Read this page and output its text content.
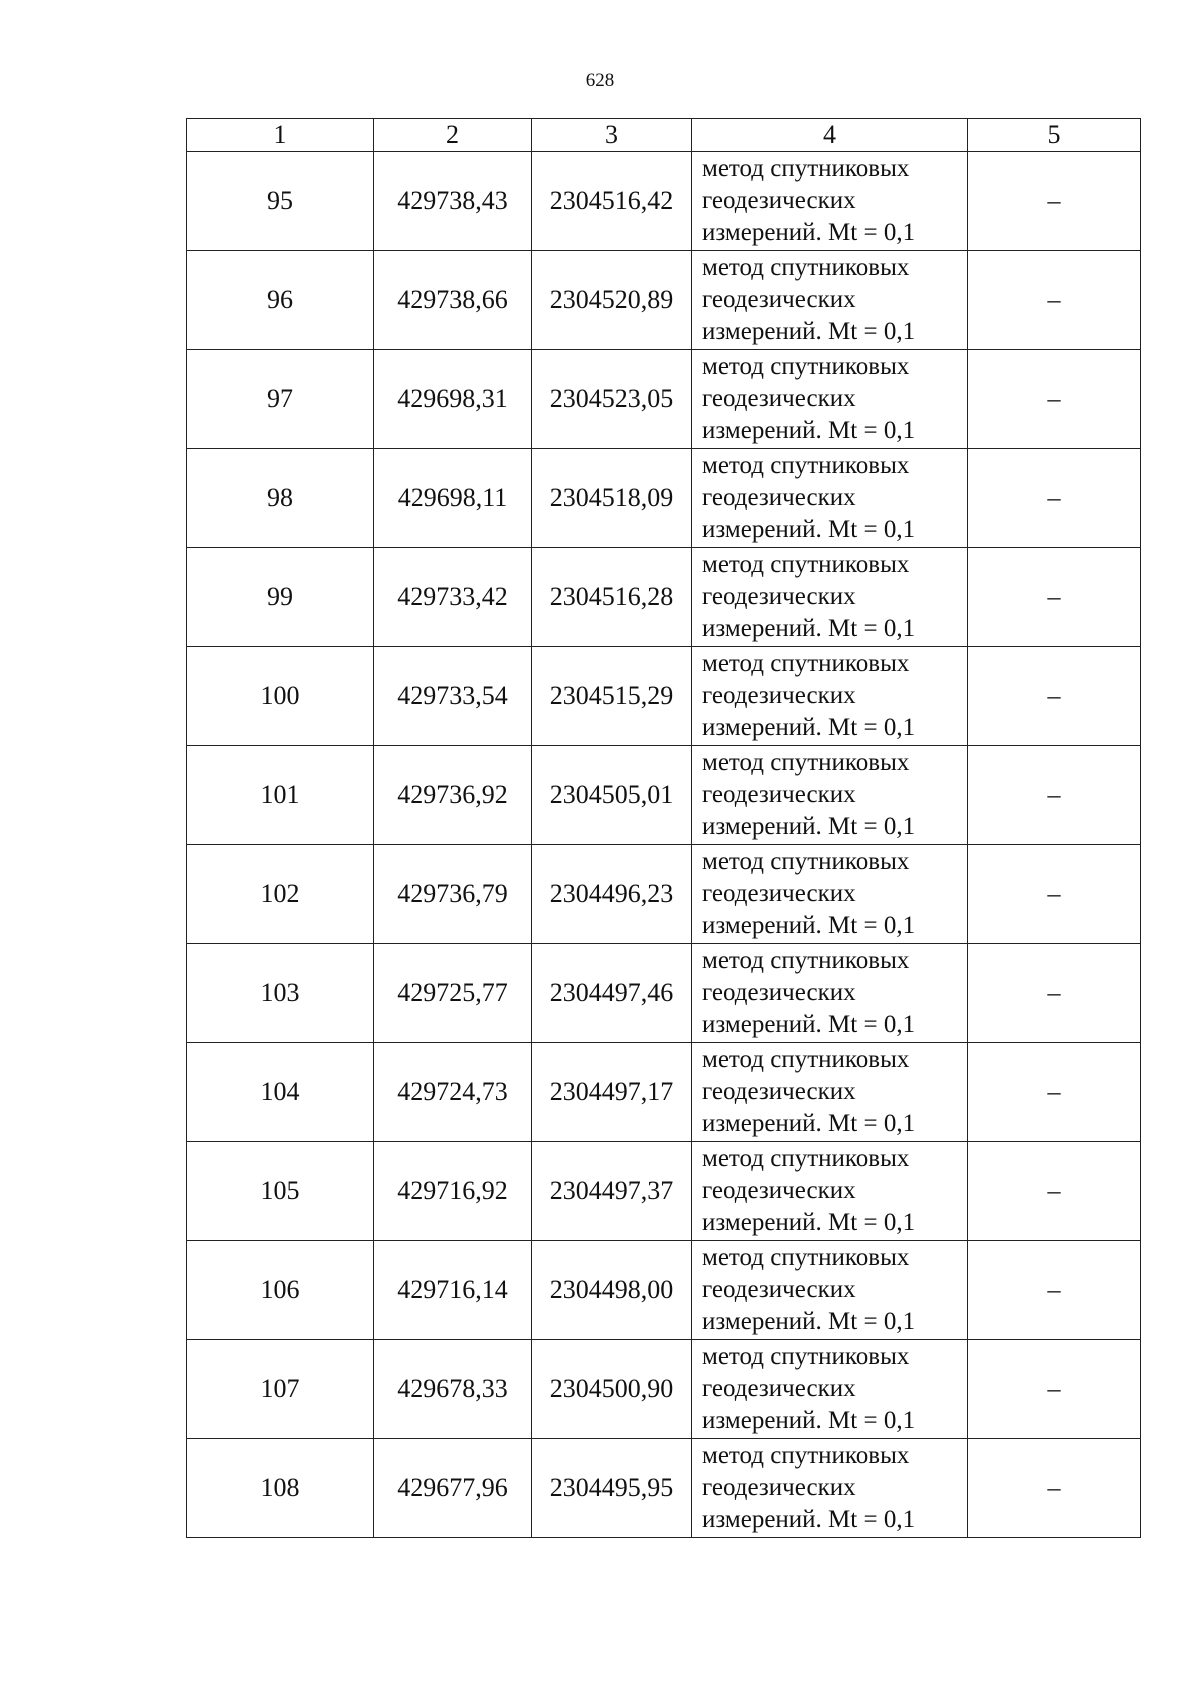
628
1	2	3	4	5
95	429738,43	2304516,42	метод спутниковых
геодезических
измерений. Mt = 0,1	–
96	429738,66	2304520,89	метод спутниковых
геодезических
измерений. Mt = 0,1	–
97	429698,31	2304523,05	метод спутниковых
геодезических
измерений. Mt = 0,1	–
98	429698,11	2304518,09	метод спутниковых
геодезических
измерений. Mt = 0,1	–
99	429733,42	2304516,28	метод спутниковых
геодезических
измерений. Mt = 0,1	–
100	429733,54	2304515,29	метод спутниковых
геодезических
измерений. Mt = 0,1	–
101	429736,92	2304505,01	метод спутниковых
геодезических
измерений. Mt = 0,1	–
102	429736,79	2304496,23	метод спутниковых
геодезических
измерений. Mt = 0,1	–
103	429725,77	2304497,46	метод спутниковых
геодезических
измерений. Mt = 0,1	–
104	429724,73	2304497,17	метод спутниковых
геодезических
измерений. Mt = 0,1	–
105	429716,92	2304497,37	метод спутниковых
геодезических
измерений. Mt = 0,1	–
106	429716,14	2304498,00	метод спутниковых
геодезических
измерений. Mt = 0,1	–
107	429678,33	2304500,90	метод спутниковых
геодезических
измерений. Mt = 0,1	–
108	429677,96	2304495,95	метод спутниковых
геодезических
измерений. Mt = 0,1	–
